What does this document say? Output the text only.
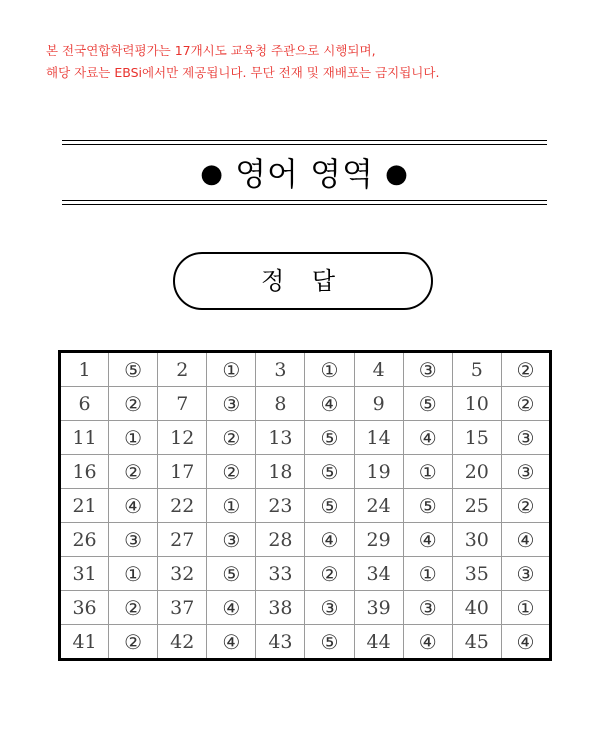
본 전국연합학력평가는 17개시도 교육청 주관으로 시행되며,
해당 자료는 EBSi에서만 제공됩니다. 무단 전재 및 재배포는 금지됩니다.
● 영어 영역 ●
정 답
1	⑤	2	①	3	①	4	③	5	②
6	②	7	③	8	④	9	⑤	10	②
11	①	12	②	13	⑤	14	④	15	③
16	②	17	②	18	⑤	19	①	20	③
21	④	22	①	23	⑤	24	⑤	25	②
26	③	27	③	28	④	29	④	30	④
31	①	32	⑤	33	②	34	①	35	③
36	②	37	④	38	③	39	③	40	①
41	②	42	④	43	⑤	44	④	45	④
